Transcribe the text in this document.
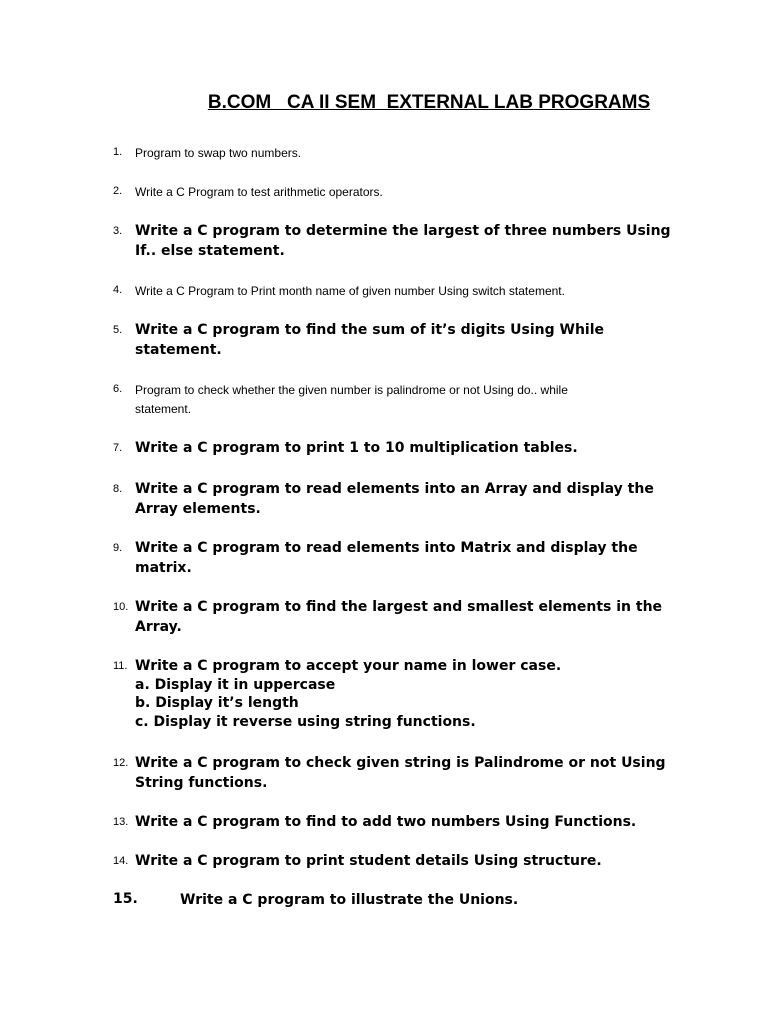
B.COM   CA II SEM  EXTERNAL LAB PROGRAMS
1. Program to swap two numbers.
2. Write a C Program to test arithmetic operators.
3. Write a C program to determine the largest of three numbers Using
If.. else statement.
4. Write a C Program to Print month name of given number Using switch statement.
5. Write a C program to find the sum of it’s digits Using While
statement.
6. Program to check whether the given number is palindrome or not Using do.. while
statement.
7. Write a C program to print 1 to 10 multiplication tables.
8. Write a C program to read elements into an Array and display the
Array elements.
9. Write a C program to read elements into Matrix and display the
matrix.
10. Write a C program to find the largest and smallest elements in the
Array.
11. Write a C program to accept your name in lower case.
a. Display it in uppercase
b. Display it’s length
c. Display it reverse using string functions.
12. Write a C program to check given string is Palindrome or not Using
String functions.
13. Write a C program to find to add two numbers Using Functions.
14. Write a C program to print student details Using structure.
15.	Write a C program to illustrate the Unions.
